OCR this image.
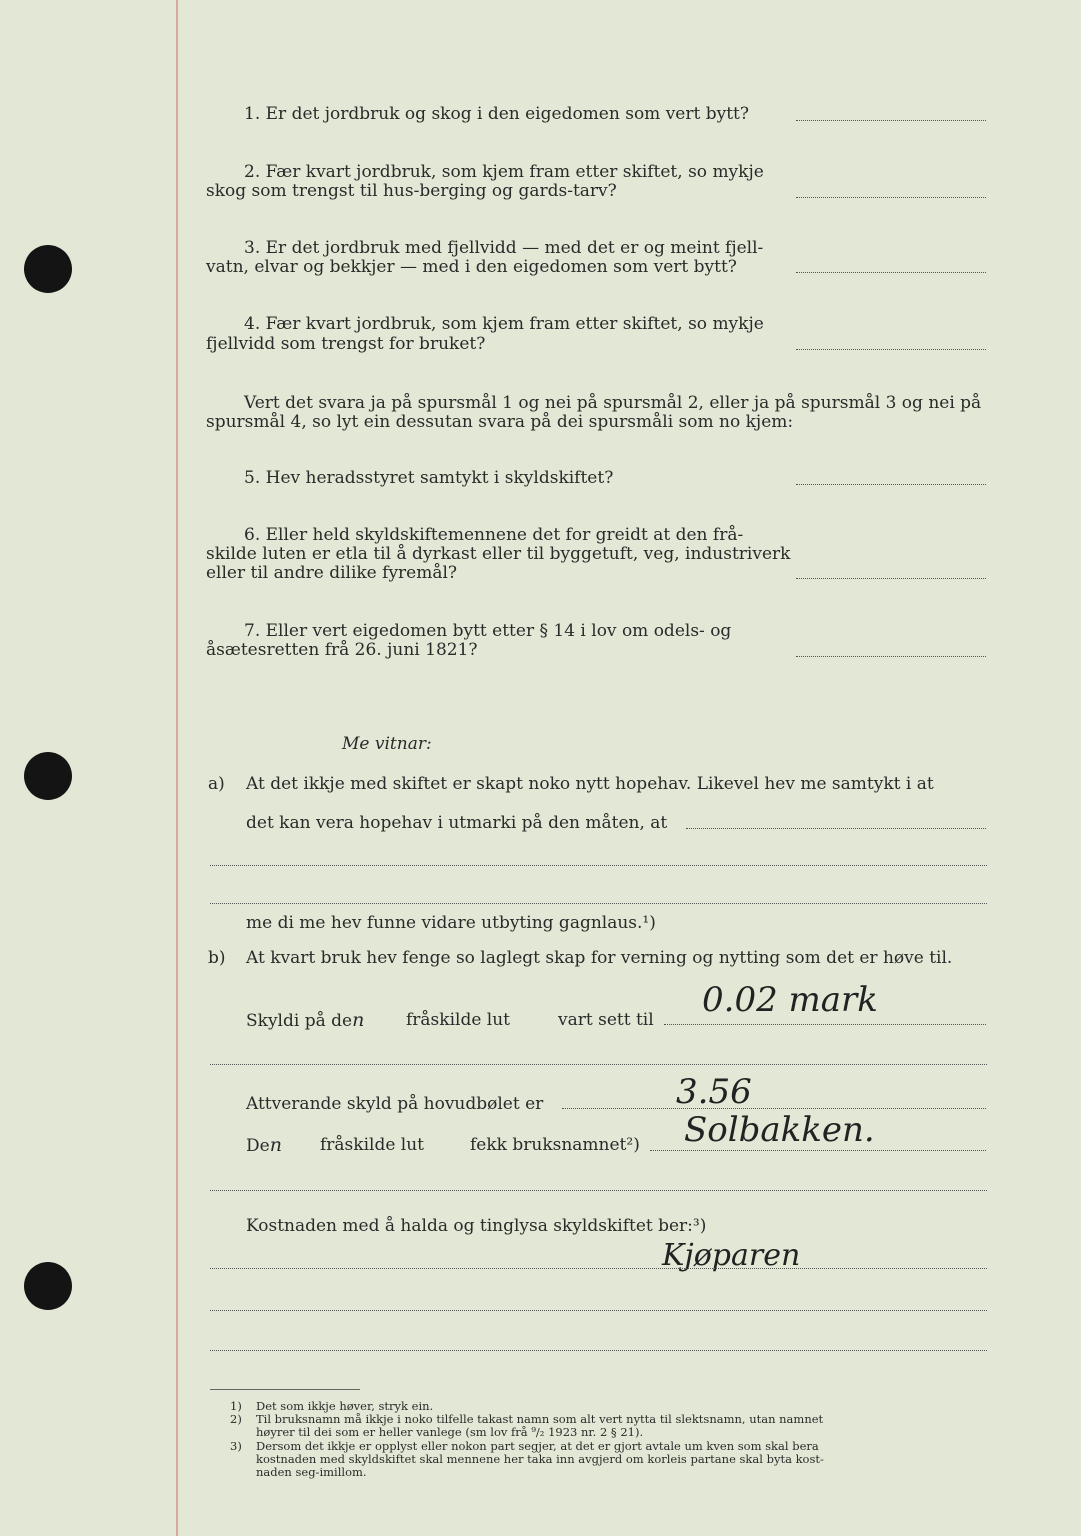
1. Er det jordbruk og skog i den eigedomen som vert bytt?
2. Fær kvart jordbruk, som kjem fram etter skiftet, so mykje
skog som trengst til hus-berging og gards-tarv?
3. Er det jordbruk med fjellvidd — med det er og meint fjell-
vatn, elvar og bekkjer — med i den eigedomen som vert bytt?
4. Fær kvart jordbruk, som kjem fram etter skiftet, so mykje
fjellvidd som trengst for bruket?
Vert det svara ja på spursmål 1 og nei på spursmål 2, eller ja på spursmål 3 og nei på
spursmål 4, so lyt ein dessutan svara på dei spursmåli som no kjem:
5. Hev heradsstyret samtykt i skyldskiftet?
6. Eller held skyldskiftemennene det for greidt at den frå-
skilde luten er etla til å dyrkast eller til byggetuft, veg, industriverk
eller til andre dilike fyremål?
7. Eller vert eigedomen bytt etter § 14 i lov om odels- og
åsætesretten frå 26. juni 1821?
Me vitnar:
a) At det ikkje med skiftet er skapt noko nytt hopehav. Likevel hev me samtykt i at
det kan vera hopehav i utmarki på den måten, at
me di me hev funne vidare utbyting gagnlaus.¹)
b) At kvart bruk hev fenge so laglegt skap for verning og nytting som det er høve til.
Skyldi på den fråskilde lut	vart sett til 0.02 mark
Attverande skyld på hovudbølet er	3.56
Den fråskilde lut	fekk bruksnamnet²) Solbakken.
Kostnaden med å halda og tinglysa skyldskiftet ber:³)
Kjøparen
1) Det som ikkje høver, stryk ein.
2) Til bruksnamn må ikkje i noko tilfelle takast namn som alt vert nytta til slektsnamn, utan namnet
høyrer til dei som er heller vanlege (sm lov frå ⁹/₂ 1923 nr. 2 § 21).
3) Dersom det ikkje er opplyst eller nokon part segjer, at det er gjort avtale um kven som skal bera
kostnaden med skyldskiftet skal mennene her taka inn avgjerd om korleis partane skal byta kost-
naden seg-imillom.
